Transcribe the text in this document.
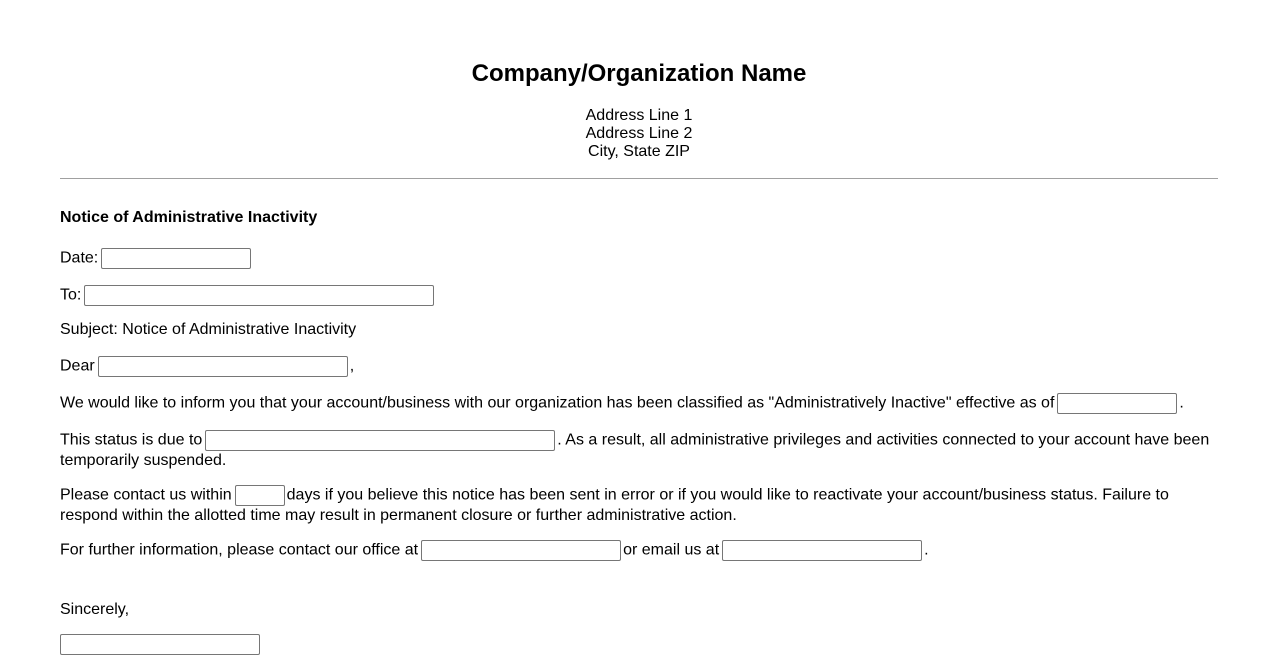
Company/Organization Name
Address Line 1
Address Line 2
City, State ZIP
Notice of Administrative Inactivity
Date:
To:
Subject: Notice of Administrative Inactivity
Dear	,
We would like to inform you that your account/business with our organization has been classified as "Administratively Inactive" effective as of	.
This status is due to	. As a result, all administrative privileges and activities connected to your account have been temporarily suspended.
Please contact us within	days if you believe this notice has been sent in error or if you would like to reactivate your account/business status. Failure to respond within the allotted time may result in permanent closure or further administrative action.
For further information, please contact our office at	or email us at	.
Sincerely,
